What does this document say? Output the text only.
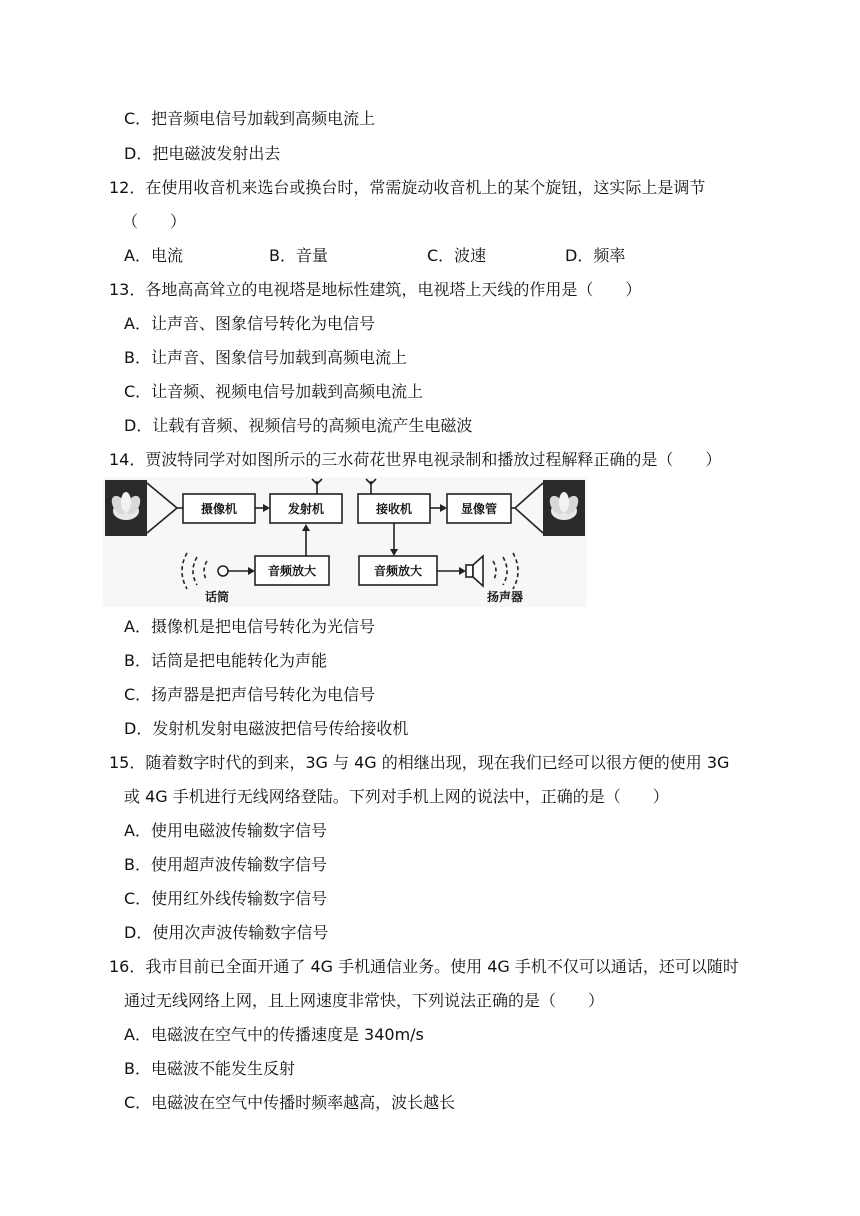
C．把音频电信号加载到高频电流上
D．把电磁波发射出去
12．在使用收音机来选台或换台时，常需旋动收音机上的某个旋钮，这实际上是调节
（　　）
A．电流	B．音量	C．波速	D．频率
13．各地高高耸立的电视塔是地标性建筑，电视塔上天线的作用是（　　）
A．让声音、图象信号转化为电信号
B．让声音、图象信号加载到高频电流上
C．让音频、视频电信号加载到高频电流上
D．让载有音频、视频信号的高频电流产生电磁波
14．贾波特同学对如图所示的三水荷花世界电视录制和播放过程解释正确的是（　　）
摄像机	发射机
音频放大
话筒
接收机	显像管
音频放大
扬声器
A．摄像机是把电信号转化为光信号
B．话筒是把电能转化为声能
C．扬声器是把声信号转化为电信号
D．发射机发射电磁波把信号传给接收机
15．随着数字时代的到来，3G 与 4G 的相继出现，现在我们已经可以很方便的使用 3G
或 4G 手机进行无线网络登陆。下列对手机上网的说法中，正确的是（　　）
A．使用电磁波传输数字信号
B．使用超声波传输数字信号
C．使用红外线传输数字信号
D．使用次声波传输数字信号
16．我市目前已全面开通了 4G 手机通信业务。使用 4G 手机不仅可以通话，还可以随时
通过无线网络上网，且上网速度非常快，下列说法正确的是（　　）
A．电磁波在空气中的传播速度是 340m/s
B．电磁波不能发生反射
C．电磁波在空气中传播时频率越高，波长越长
